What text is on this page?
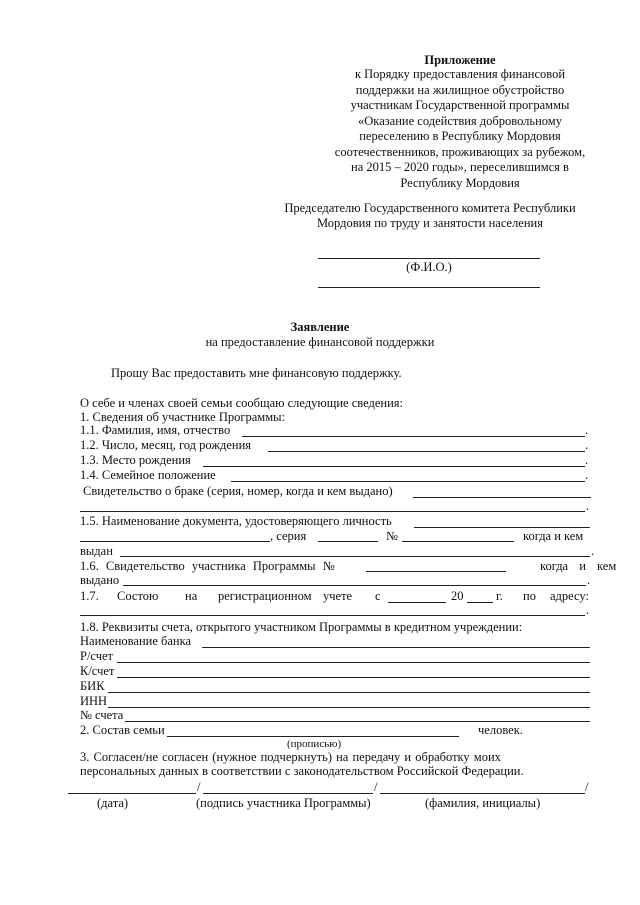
Приложение
к Порядку предоставления финансовой
поддержки на жилищное обустройство
участникам Государственной программы
«Оказание содействия добровольному
переселению в Республику Мордовия
соотечественников, проживающих за рубежом,
на 2015 – 2020 годы», переселившимся в
Республику Мордовия
Председателю Государственного комитета Республики
Мордовия по труду и занятости населения
(Ф.И.О.)
Заявление
на предоставление финансовой поддержки
Прошу Вас предоставить мне финансовую поддержку.
О себе и членах своей семьи сообщаю следующие сведения:
1. Сведения об участнике Программы:
1.1. Фамилия, имя, отчество	.
1.2. Число, месяц, год рождения	.
1.3. Место рождения	.
1.4. Семейное положение	.
Свидетельство о браке (серия, номер, когда и кем выдано)
.
1.5. Наименование документа, удостоверяющего личность
, серия	№	когда и кем
выдан	.
1.6. Свидетельство участника Программы №	когда и кем
выдано	.
1.7. Состою на регистрационном учете с	20	г. по адресу:
.
1.8. Реквизиты счета, открытого участником Программы в кредитном учреждении:
Наименование банка
Р/счет
К/счет
БИК
ИНН
№ счета
2. Состав семьи	человек.
(прописью)
3. Согласен/не согласен (нужное подчеркнуть) на передачу и обработку моих
персональных данных в соответствии с законодательством Российской Федерации.
/	/	/
(дата)	(подпись участника Программы)	(фамилия, инициалы)
